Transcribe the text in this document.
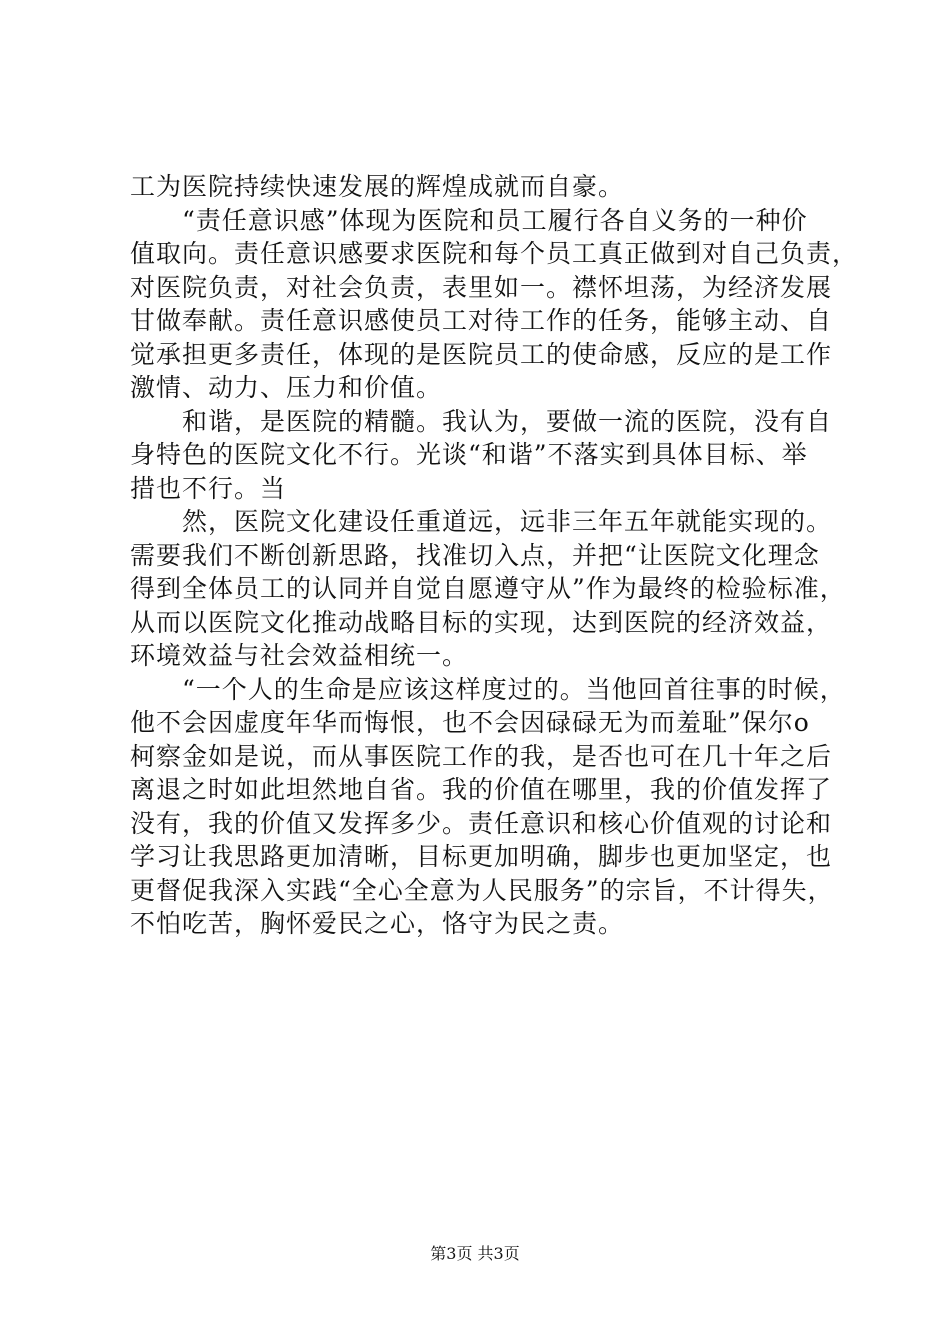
工为医院持续快速发展的辉煌成就而自豪。
　　“责任意识感”体现为医院和员工履行各自义务的一种价
值取向。责任意识感要求医院和每个员工真正做到对自己负责，
对医院负责，对社会负责，表里如一。襟怀坦荡，为经济发展
甘做奉献。责任意识感使员工对待工作的任务，能够主动、自
觉承担更多责任，体现的是医院员工的使命感，反应的是工作
激情、动力、压力和价值。
　　和谐，是医院的精髓。我认为，要做一流的医院，没有自
身特色的医院文化不行。光谈“和谐”不落实到具体目标、举
措也不行。当
　　然，医院文化建设任重道远，远非三年五年就能实现的。
需要我们不断创新思路，找准切入点，并把“让医院文化理念
得到全体员工的认同并自觉自愿遵守从”作为最终的检验标准，
从而以医院文化推动战略目标的实现，达到医院的经济效益，
环境效益与社会效益相统一。
　　“一个人的生命是应该这样度过的。当他回首往事的时候，
他不会因虚度年华而悔恨，也不会因碌碌无为而羞耻”保尔o
柯察金如是说，而从事医院工作的我，是否也可在几十年之后
离退之时如此坦然地自省。我的价值在哪里，我的价值发挥了
没有，我的价值又发挥多少。责任意识和核心价值观的讨论和
学习让我思路更加清晰，目标更加明确，脚步也更加坚定，也
更督促我深入实践“全心全意为人民服务”的宗旨，不计得失，
不怕吃苦，胸怀爱民之心，恪守为民之责。
第3页 共3页
